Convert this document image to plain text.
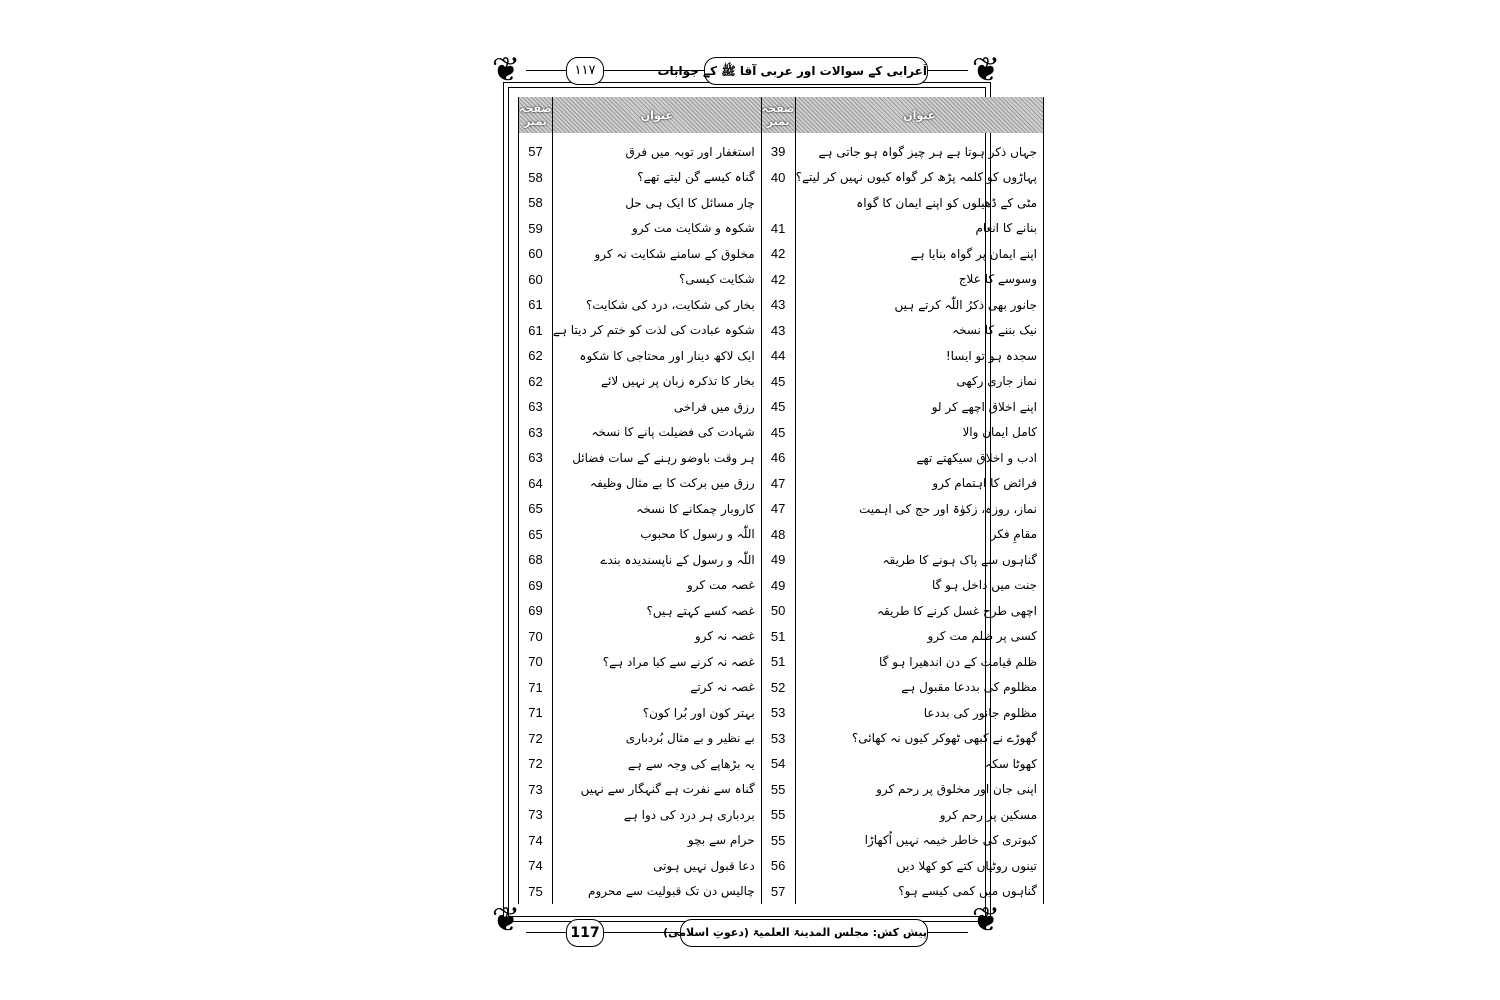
❦	❦
❦	❦
۱۱۷	اَعرابی کے سوالات اور عربی آقا ﷺ کے جوابات
117	پیش کش: مجلس المدینۃ العلمیۃ (دعوتِ اسلامی)
صفحہ نمبر	عنوان	صفحہ نمبر	عنوان
57	استغفار اور توبہ میں فرق	39	جہاں ذکر ہوتا ہے ہر چیز گواہ ہو جاتی ہے
58	گناہ کیسے گن لیتے تھے؟	40	پہاڑوں کو کلمہ پڑھ کر گواہ کیوں نہیں کر لیتے؟
58	چار مسائل کا ایک ہی حل		مٹی کے ڈھیلوں کو اپنے ایمان کا گواہ
59	شکوہ و شکایت مت کرو	41	بنانے کا انعام
60	مخلوق کے سامنے شکایت نہ کرو	42	اپنے ایمان پر گواہ بنایا ہے
60	شکایت کیسی؟	42	وسوسے کا علاج
61	بخار کی شکایت، درد کی شکایت؟	43	جانور بھی ذکرُ اللّٰہ کرتے ہیں
61	شکوہ عبادت کی لذت کو ختم کر دیتا ہے	43	نیک بننے کا نسخہ
62	ایک لاکھ دینار اور محتاجی کا شکوہ	44	سجدہ ہو تو ایسا!
62	بخار کا تذکرہ زبان پر نہیں لائے	45	نماز جاری رکھی
63	رزق میں فراخی	45	اپنے اخلاق اچھے کر لو
63	شہادت کی فضیلت پانے کا نسخہ	45	کامل ایمان والا
63	ہر وقت باوضو رہنے کے سات فضائل	46	ادب و اخلاق سیکھتے تھے
64	رزق میں برکت کا بے مثال وظیفہ	47	فرائض کا اہتمام کرو
65	کاروبار چمکانے کا نسخہ	47	نماز، روزہ، زکوٰۃ اور حج کی اہمیت
65	اللّٰہ و رسول کا محبوب	48	مقامِ فکر
68	اللّٰہ و رسول کے ناپسندیدہ بندے	49	گناہوں سے پاک ہونے کا طریقہ
69	غصہ مت کرو	49	جنت میں داخل ہو گا
69	غصہ کسے کہتے ہیں؟	50	اچھی طرح غسل کرنے کا طریقہ
70	غصہ نہ کرو	51	کسی پر ظلم مت کرو
70	غصہ نہ کرنے سے کیا مراد ہے؟	51	ظلم قیامت کے دن اندھیرا ہو گا
71	غصہ نہ کرتے	52	مظلوم کی بددعا مقبول ہے
71	بہتر کون اور بُرا کون؟	53	مظلوم جانور کی بددعا
72	بے نظیر و بے مثال بُردباری	53	گھوڑے نے کبھی ٹھوکر کیوں نہ کھائی؟
72	یہ بڑھاپے کی وجہ سے ہے	54	کھوٹا سکہ
73	گناہ سے نفرت ہے گنہگار سے نہیں	55	اپنی جان اور مخلوق پر رحم کرو
73	بردباری ہر درد کی دوا ہے	55	مسکین پر رحم کرو
74	حرام سے بچو	55	کبوتری کی خاطر خیمہ نہیں اُکھاڑا
74	دعا قبول نہیں ہوتی	56	تینوں روٹیاں کتے کو کھلا دیں
75	چالیس دن تک قبولیت سے محروم	57	گناہوں میں کمی کیسے ہو؟
